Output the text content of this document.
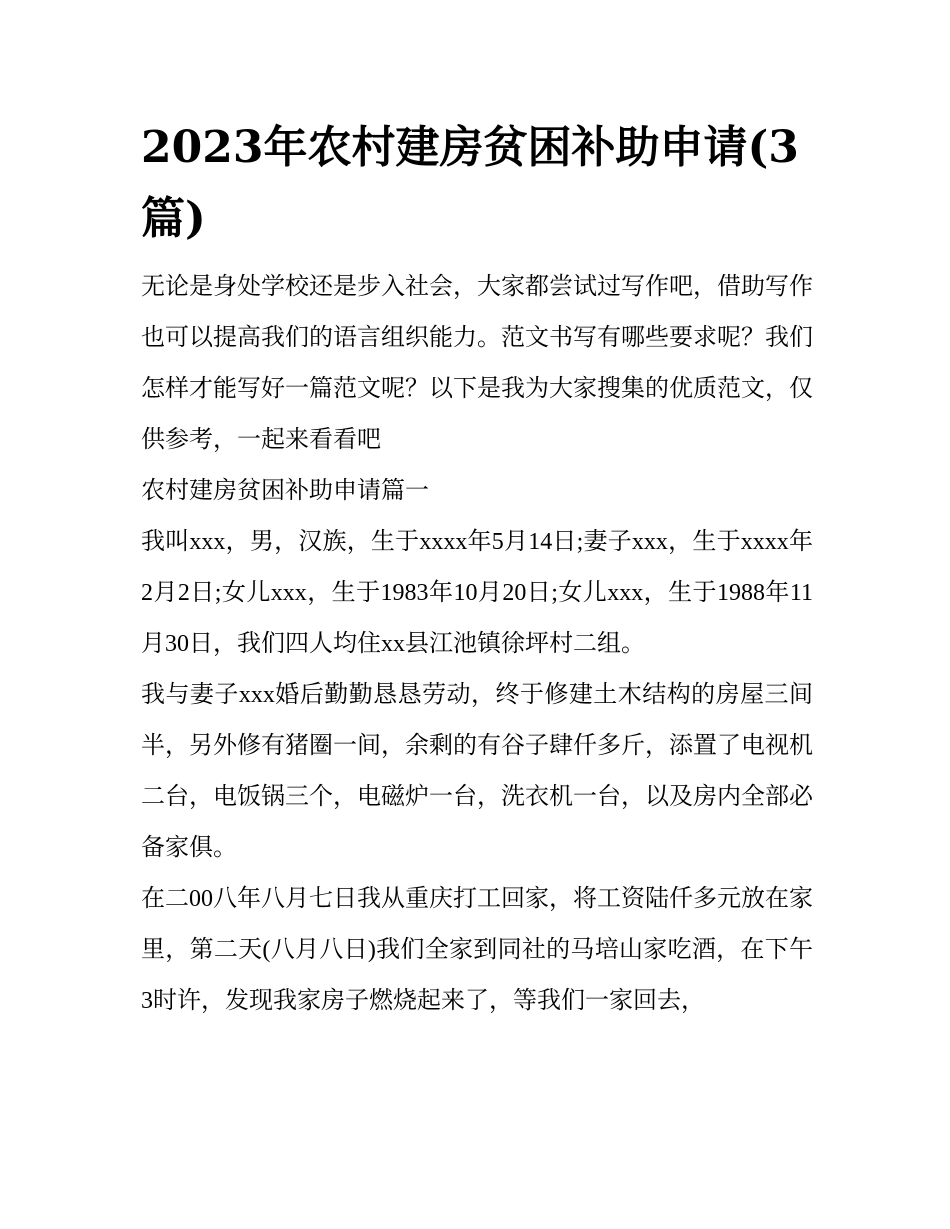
2023年农村建房贫困补助申请(3篇)

无论是身处学校还是步入社会，大家都尝试过写作吧，借助写作也可以提高我们的语言组织能力。范文书写有哪些要求呢？我们怎样才能写好一篇范文呢？以下是我为大家搜集的优质范文，仅供参考，一起来看看吧

农村建房贫困补助申请篇一

我叫xxx，男，汉族，生于xxxx年5月14日;妻子xxx，生于xxxx年2月2日;女儿xxx，生于1983年10月20日;女儿xxx，生于1988年11月30日，我们四人均住xx县江池镇徐坪村二组。

我与妻子xxx婚后勤勤恳恳劳动，终于修建土木结构的房屋三间半，另外修有猪圈一间，余剩的有谷子肆仟多斤，添置了电视机二台，电饭锅三个，电磁炉一台，洗衣机一台，以及房内全部必备家俱。

在二00八年八月七日我从重庆打工回家，将工资陆仟多元放在家里，第二天(八月八日)我们全家到同社的马培山家吃酒，在下午3时许，发现我家房子燃烧起来了，等我们一家回去，
